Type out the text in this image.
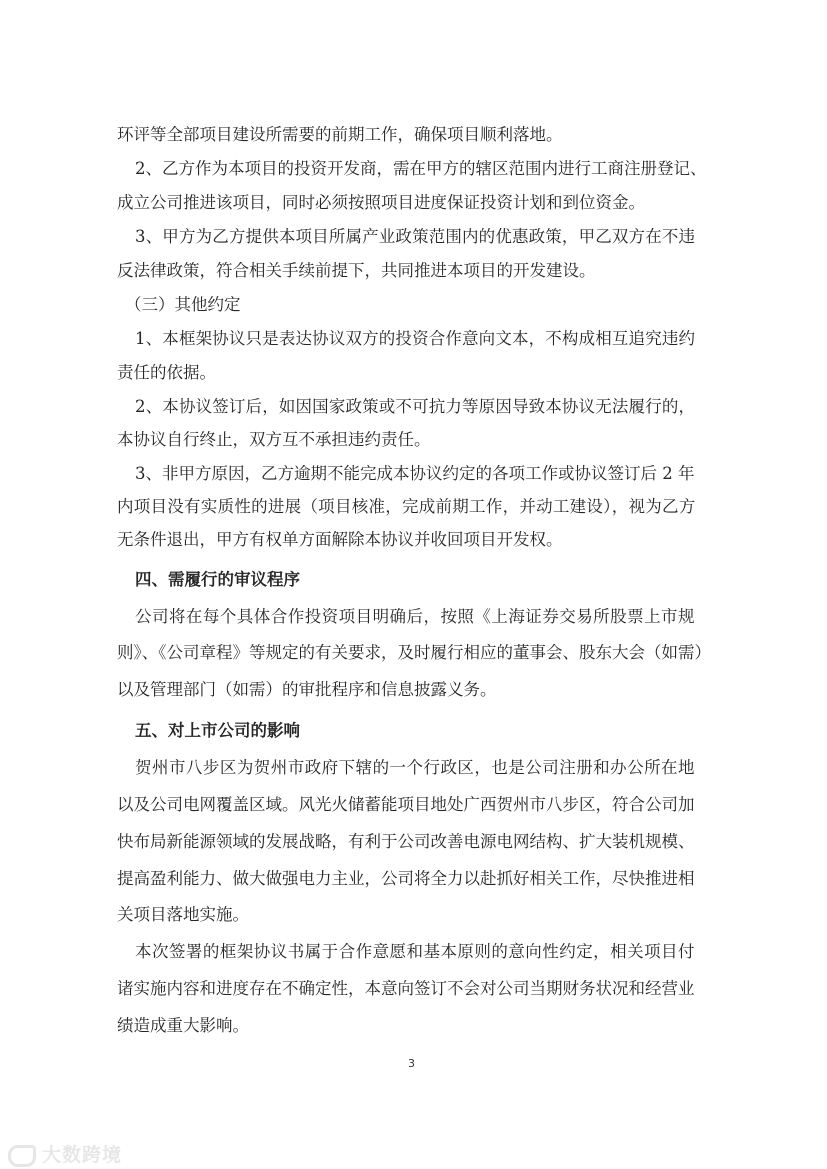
环评等全部项目建设所需要的前期工作，确保项目顺利落地。
2、乙方作为本项目的投资开发商，需在甲方的辖区范围内进行工商注册登记、
成立公司推进该项目，同时必须按照项目进度保证投资计划和到位资金。
3、甲方为乙方提供本项目所属产业政策范围内的优惠政策，甲乙双方在不违
反法律政策，符合相关手续前提下，共同推进本项目的开发建设。
（三）其他约定
1、本框架协议只是表达协议双方的投资合作意向文本，不构成相互追究违约
责任的依据。
2、本协议签订后，如因国家政策或不可抗力等原因导致本协议无法履行的，
本协议自行终止，双方互不承担违约责任。
3、非甲方原因，乙方逾期不能完成本协议约定的各项工作或协议签订后 2 年
内项目没有实质性的进展（项目核准，完成前期工作，并动工建设），视为乙方
无条件退出，甲方有权单方面解除本协议并收回项目开发权。
四、需履行的审议程序
公司将在每个具体合作投资项目明确后，按照《上海证券交易所股票上市规
则》、《公司章程》等规定的有关要求，及时履行相应的董事会、股东大会（如需）
以及管理部门（如需）的审批程序和信息披露义务。
五、对上市公司的影响
贺州市八步区为贺州市政府下辖的一个行政区，也是公司注册和办公所在地
以及公司电网覆盖区域。风光火储蓄能项目地处广西贺州市八步区，符合公司加
快布局新能源领域的发展战略，有利于公司改善电源电网结构、扩大装机规模、
提高盈利能力、做大做强电力主业，公司将全力以赴抓好相关工作，尽快推进相
关项目落地实施。
本次签署的框架协议书属于合作意愿和基本原则的意向性约定，相关项目付
诸实施内容和进度存在不确定性，本意向签订不会对公司当期财务状况和经营业
绩造成重大影响。
3
大数跨境
